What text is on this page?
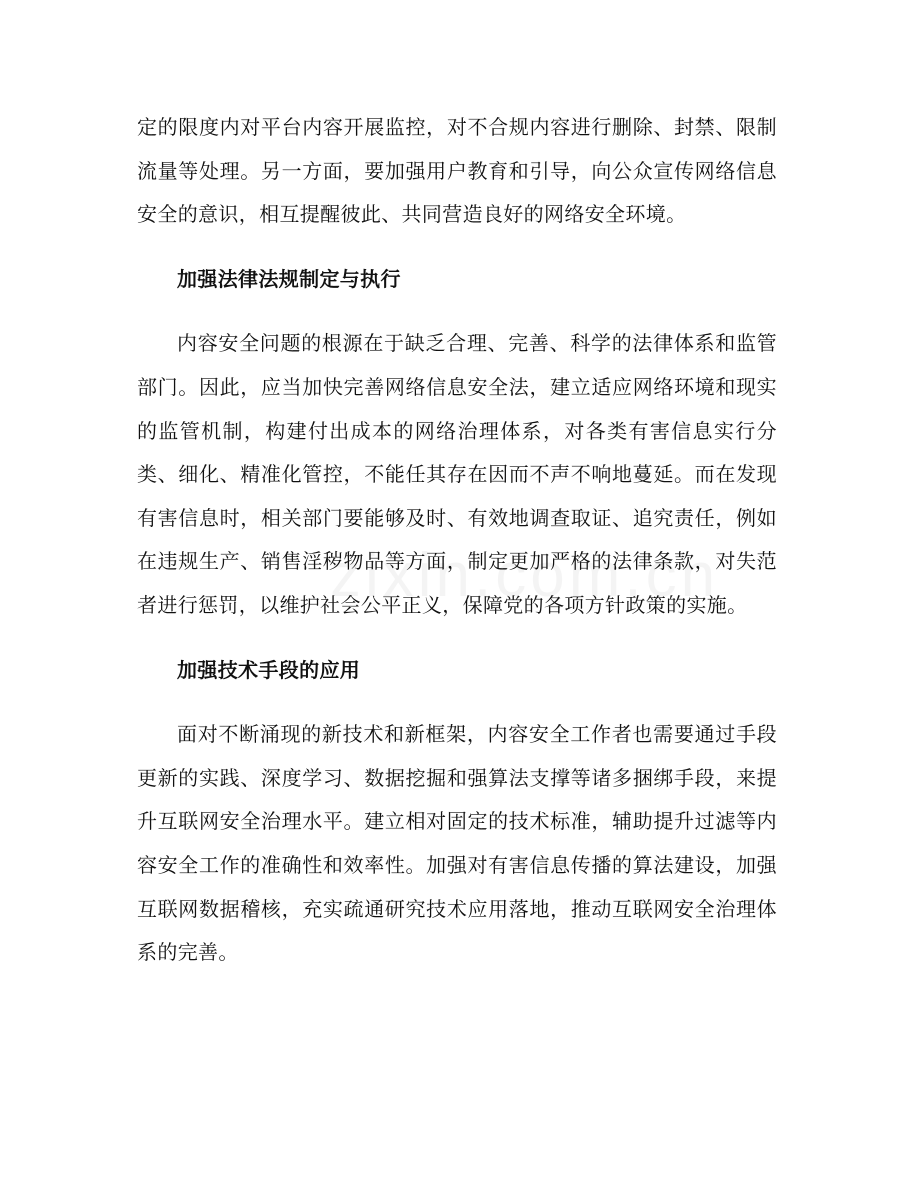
定的限度内对平台内容开展监控，对不合规内容进行删除、封禁、限制流量等处理。另一方面，要加强用户教育和引导，向公众宣传网络信息安全的意识，相互提醒彼此、共同营造良好的网络安全环境。

加强法律法规制定与执行

内容安全问题的根源在于缺乏合理、完善、科学的法律体系和监管部门。因此，应当加快完善网络信息安全法，建立适应网络环境和现实的监管机制，构建付出成本的网络治理体系，对各类有害信息实行分类、细化、精准化管控，不能任其存在因而不声不响地蔓延。而在发现有害信息时，相关部门要能够及时、有效地调查取证、追究责任，例如在违规生产、销售淫秽物品等方面，制定更加严格的法律条款，对失范者进行惩罚，以维护社会公平正义，保障党的各项方针政策的实施。

加强技术手段的应用

面对不断涌现的新技术和新框架，内容安全工作者也需要通过手段更新的实践、深度学习、数据挖掘和强算法支撑等诸多捆绑手段，来提升互联网安全治理水平。建立相对固定的技术标准，辅助提升过滤等内容安全工作的准确性和效率性。加强对有害信息传播的算法建设，加强互联网数据稽核，充实疏通研究技术应用落地，推动互联网安全治理体系的完善。
